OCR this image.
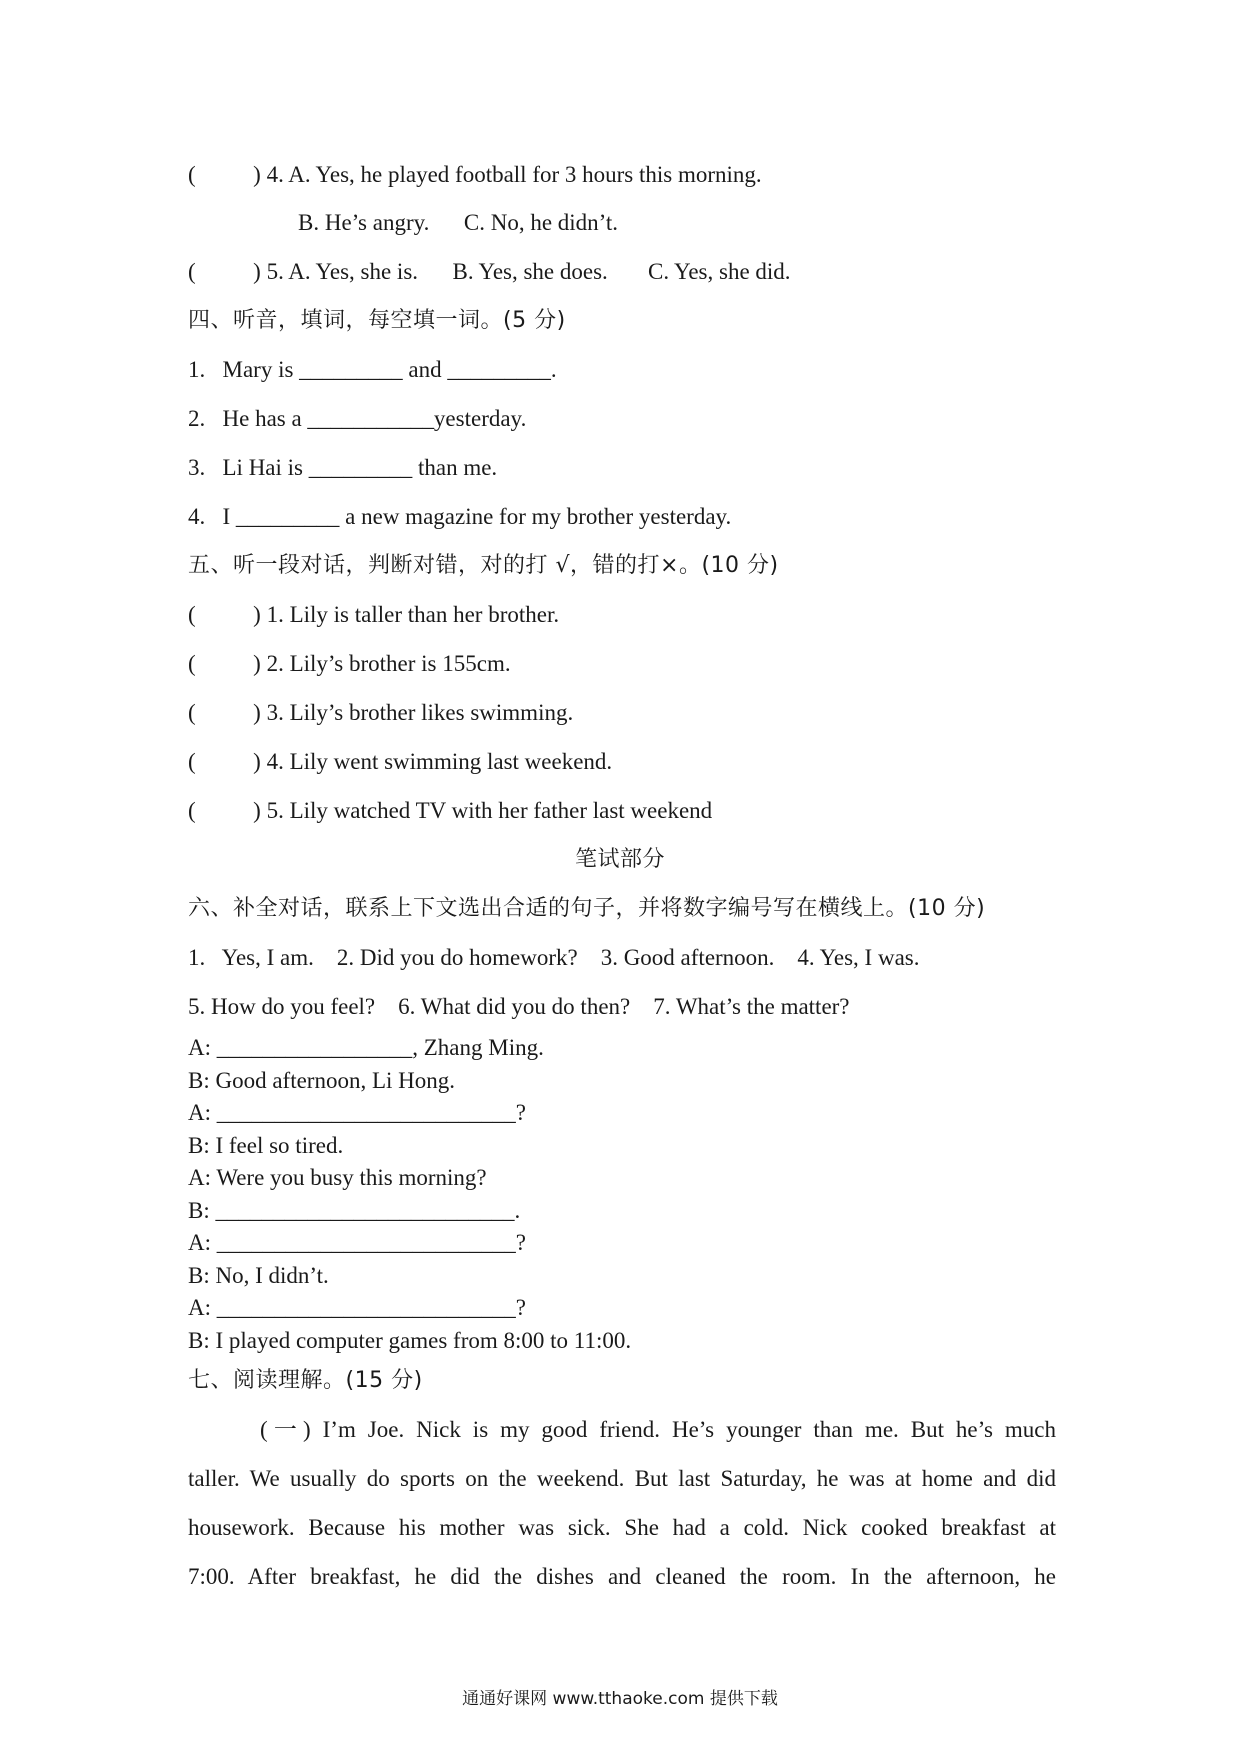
(          ) 4. A. Yes, he played football for 3 hours this morning.
B. He’s angry.      C. No, he didn’t.
(          ) 5. A. Yes, she is.      B. Yes, she does.       C. Yes, she did.
四、听音，填词，每空填一词。(5 分)
1.   Mary is _________ and _________.
2.   He has a ___________yesterday.
3.   Li Hai is _________ than me.
4.   I _________ a new magazine for my brother yesterday.
五、听一段对话，判断对错，对的打 √，错的打×。(10 分)
(          ) 1. Lily is taller than her brother.
(          ) 2. Lily’s brother is 155cm.
(          ) 3. Lily’s brother likes swimming.
(          ) 4. Lily went swimming last weekend.
(          ) 5. Lily watched TV with her father last weekend
笔试部分
六、补全对话，联系上下文选出合适的句子，并将数字编号写在横线上。(10 分)
1.   Yes, I am.    2. Did you do homework?    3. Good afternoon.    4. Yes, I was.
5. How do you feel?    6. What did you do then?    7. What’s the matter?
A: _________________, Zhang Ming.
B: Good afternoon, Li Hong.
A: __________________________?
B: I feel so tired.
A: Were you busy this morning?
B: __________________________.
A: __________________________?
B: No, I didn’t.
A: __________________________?
B: I played computer games from 8:00 to 11:00.
七、阅读理解。(15 分)
(一) I’m Joe. Nick is my good friend. He’s younger than me. But he’s much
taller. We usually do sports on the weekend. But last Saturday, he was at home and did
housework. Because his mother was sick. She had a cold. Nick cooked breakfast at
7:00. After breakfast, he did the dishes and cleaned the room. In the afternoon, he
通通好课网 www.tthaoke.com 提供下载
